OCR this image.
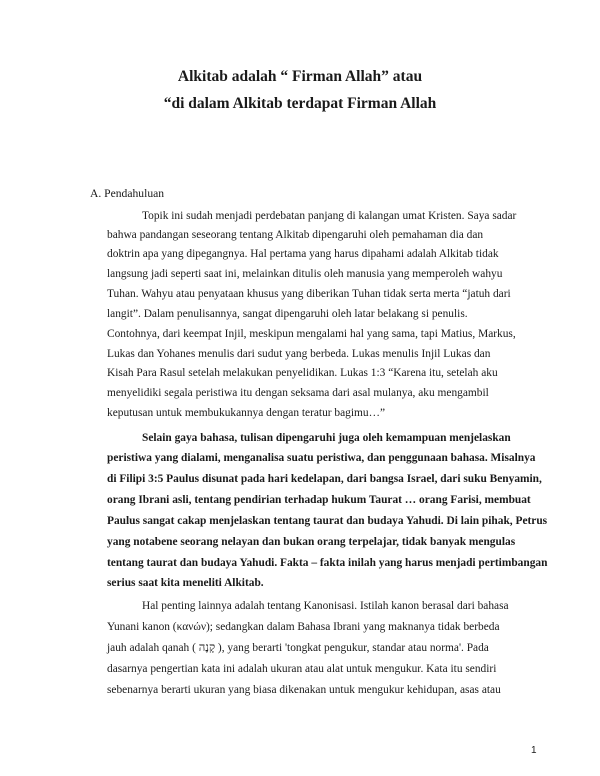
Alkitab adalah “ Firman Allah” atau
“di dalam Alkitab terdapat Firman Allah
A. Pendahuluan
Topik ini sudah menjadi perdebatan panjang di kalangan umat Kristen. Saya sadar
bahwa pandangan seseorang tentang Alkitab dipengaruhi oleh pemahaman dia dan
doktrin apa yang dipegangnya. Hal pertama yang harus dipahami adalah Alkitab tidak
langsung jadi seperti saat ini, melainkan ditulis oleh manusia yang memperoleh wahyu
Tuhan. Wahyu atau penyataan khusus yang diberikan Tuhan tidak serta merta “jatuh dari
langit”. Dalam penulisannya, sangat dipengaruhi oleh latar belakang si penulis.
Contohnya, dari keempat Injil, meskipun mengalami hal yang sama, tapi Matius, Markus,
Lukas dan Yohanes menulis dari sudut yang berbeda. Lukas menulis Injil Lukas dan
Kisah Para Rasul setelah melakukan penyelidikan. Lukas 1:3 “Karena itu, setelah aku
menyelidiki segala peristiwa itu dengan seksama dari asal mulanya, aku mengambil
keputusan untuk membukukannya dengan teratur bagimu…”
Selain gaya bahasa, tulisan dipengaruhi juga oleh kemampuan menjelaskan
peristiwa yang dialami, menganalisa suatu peristiwa, dan penggunaan bahasa. Misalnya
di Filipi 3:5 Paulus disunat pada hari kedelapan, dari bangsa Israel, dari suku Benyamin,
orang Ibrani asli, tentang pendirian terhadap hukum Taurat … orang Farisi, membuat
Paulus sangat cakap menjelaskan tentang taurat dan budaya Yahudi. Di lain pihak, Petrus
yang notabene seorang nelayan dan bukan orang terpelajar, tidak banyak mengulas
tentang taurat dan budaya Yahudi. Fakta – fakta inilah yang harus menjadi pertimbangan
serius saat kita meneliti Alkitab.
Hal penting lainnya adalah tentang Kanonisasi. Istilah kanon berasal dari bahasa
Yunani kanon (κανών); sedangkan dalam Bahasa Ibrani yang maknanya tidak berbeda
jauh adalah qanah ( קָנֶה ), yang berarti 'tongkat pengukur, standar atau norma'. Pada
dasarnya pengertian kata ini adalah ukuran atau alat untuk mengukur. Kata itu sendiri
sebenarnya berarti ukuran yang biasa dikenakan untuk mengukur kehidupan, asas atau
1
